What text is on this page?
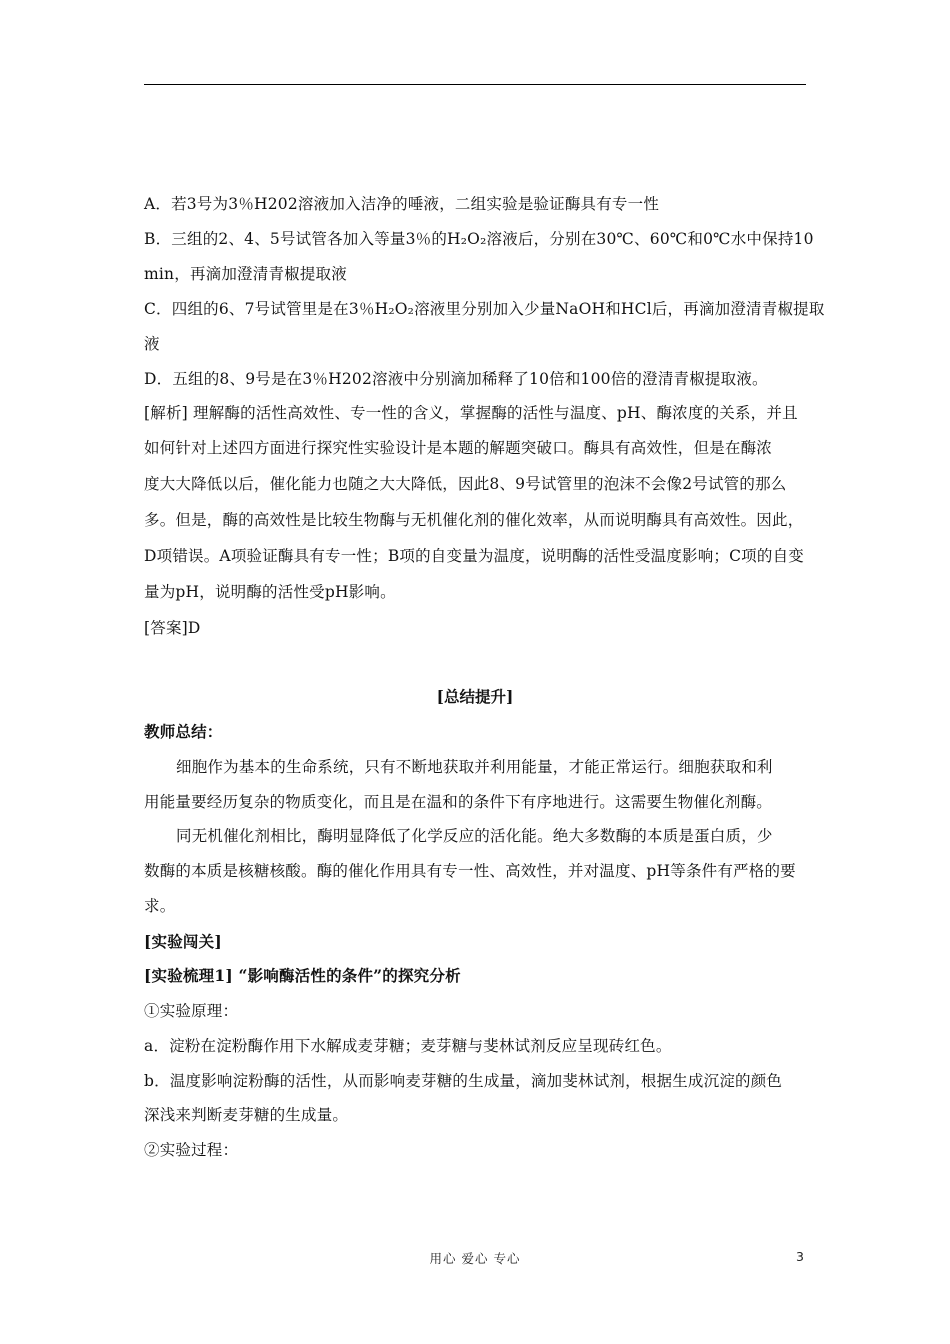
A．若3号为3％H202溶液加入洁净的唾液，二组实验是验证酶具有专一性
B．三组的2、4、5号试管各加入等量3％的H₂O₂溶液后，分别在30℃、60℃和0℃水中保持10
min，再滴加澄清青椒提取液
C．四组的6、7号试管里是在3％H₂O₂溶液里分别加入少量NaOH和HCl后，再滴加澄清青椒提取
液
D．五组的8、9号是在3％H202溶液中分别滴加稀释了10倍和100倍的澄清青椒提取液。
[解析] 理解酶的活性高效性、专一性的含义，掌握酶的活性与温度、pH、酶浓度的关系，并且
如何针对上述四方面进行探究性实验设计是本题的解题突破口。酶具有高效性，但是在酶浓
度大大降低以后，催化能力也随之大大降低，因此8、9号试管里的泡沫不会像2号试管的那么
多。但是，酶的高效性是比较生物酶与无机催化剂的催化效率，从而说明酶具有高效性。因此，
D项错误。A项验证酶具有专一性；B项的自变量为温度，说明酶的活性受温度影响；C项的自变
量为pH，说明酶的活性受pH影响。
[答案]D
[总结提升]
教师总结：
细胞作为基本的生命系统，只有不断地获取并利用能量，才能正常运行。细胞获取和利
用能量要经历复杂的物质变化，而且是在温和的条件下有序地进行。这需要生物催化剂酶。
同无机催化剂相比，酶明显降低了化学反应的活化能。绝大多数酶的本质是蛋白质，少
数酶的本质是核糖核酸。酶的催化作用具有专一性、高效性，并对温度、pH等条件有严格的要
求。
[实验闯关]
[实验梳理1] “影响酶活性的条件”的探究分析
①实验原理：
a．淀粉在淀粉酶作用下水解成麦芽糖；麦芽糖与斐林试剂反应呈现砖红色。
b．温度影响淀粉酶的活性，从而影响麦芽糖的生成量，滴加斐林试剂，根据生成沉淀的颜色
深浅来判断麦芽糖的生成量。
②实验过程：
用心 爱心 专心	3
